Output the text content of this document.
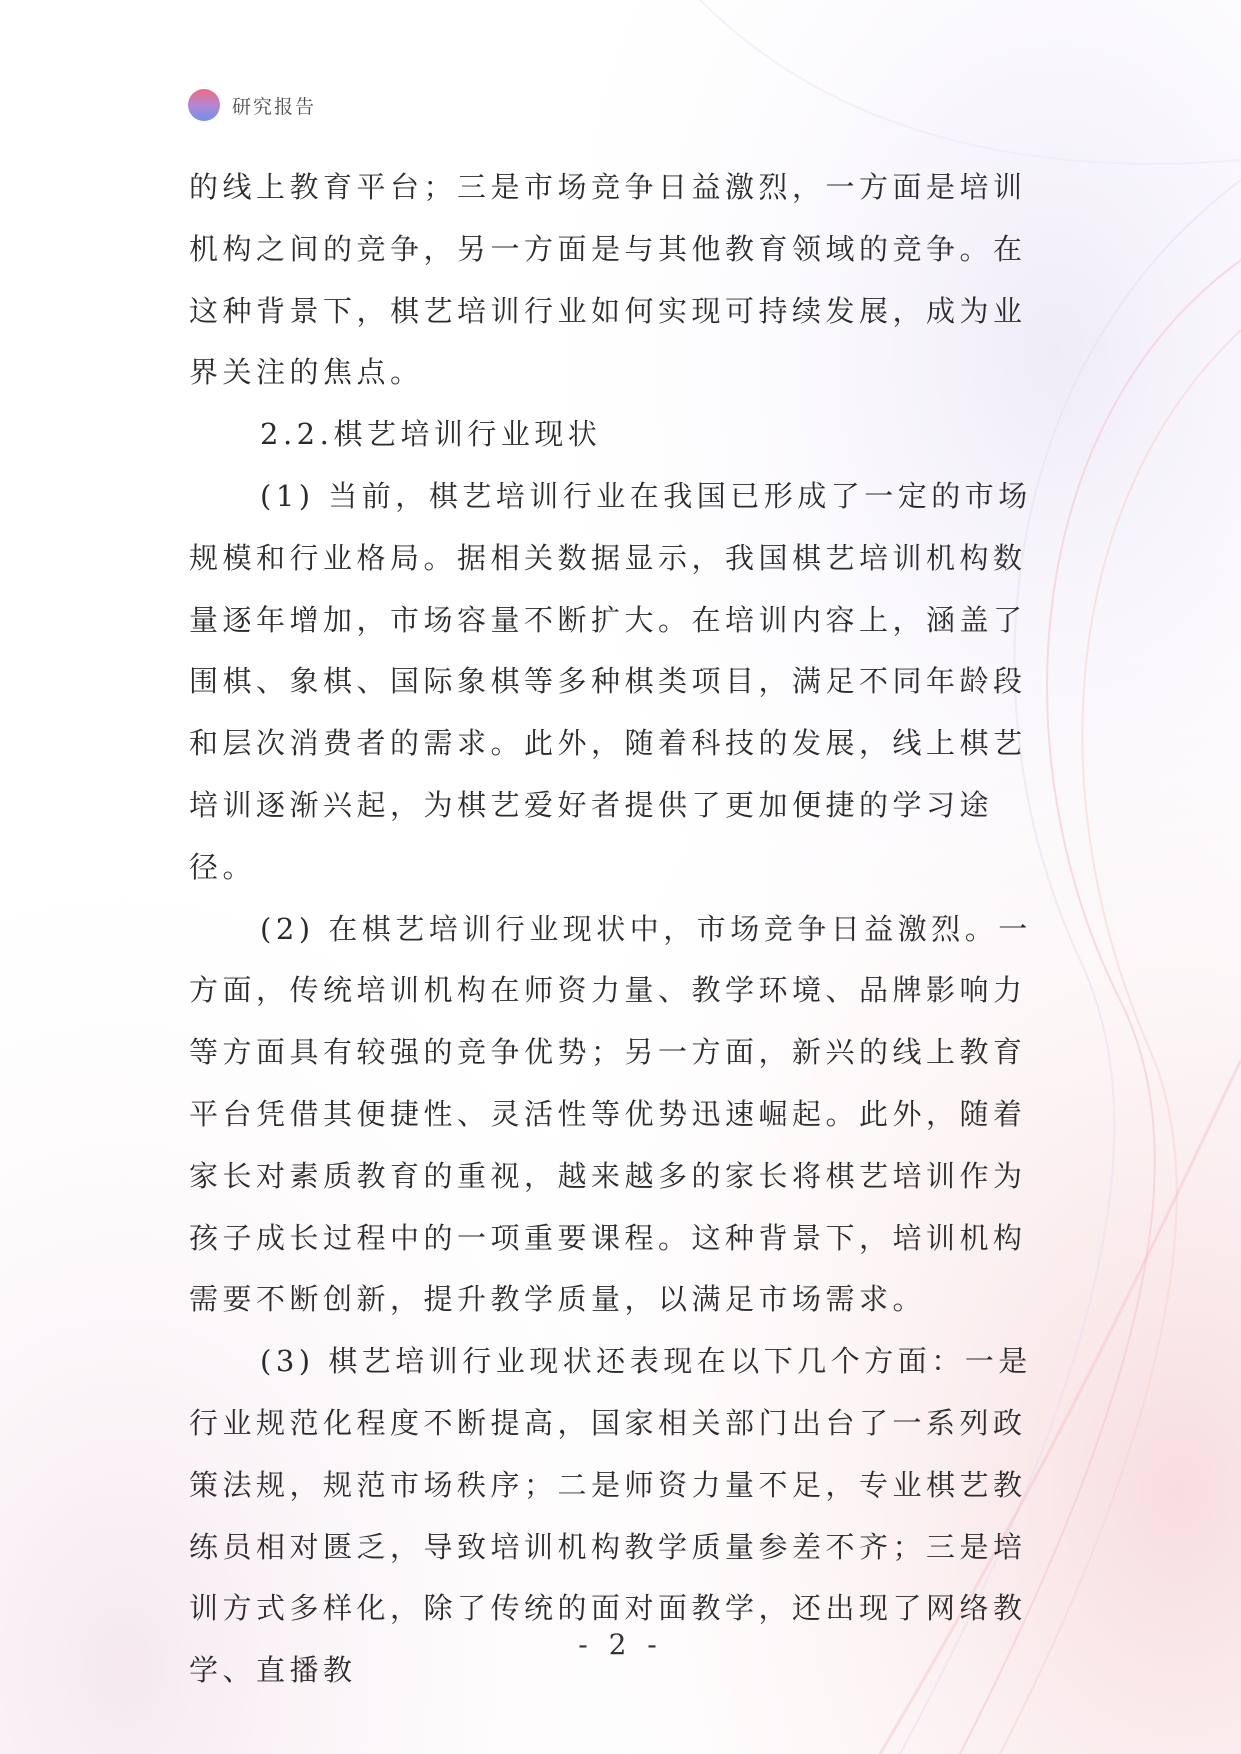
研究报告

的线上教育平台；三是市场竞争日益激烈，一方面是培训机构之间的竞争，另一方面是与其他教育领域的竞争。在这种背景下，棋艺培训行业如何实现可持续发展，成为业界关注的焦点。

2.2.棋艺培训行业现状

(1) 当前，棋艺培训行业在我国已形成了一定的市场规模和行业格局。据相关数据显示，我国棋艺培训机构数量逐年增加，市场容量不断扩大。在培训内容上，涵盖了围棋、象棋、国际象棋等多种棋类项目，满足不同年龄段和层次消费者的需求。此外，随着科技的发展，线上棋艺培训逐渐兴起，为棋艺爱好者提供了更加便捷的学习途径。

(2) 在棋艺培训行业现状中，市场竞争日益激烈。一方面，传统培训机构在师资力量、教学环境、品牌影响力等方面具有较强的竞争优势；另一方面，新兴的线上教育平台凭借其便捷性、灵活性等优势迅速崛起。此外，随着家长对素质教育的重视，越来越多的家长将棋艺培训作为孩子成长过程中的一项重要课程。这种背景下，培训机构需要不断创新，提升教学质量，以满足市场需求。

(3) 棋艺培训行业现状还表现在以下几个方面：一是行业规范化程度不断提高，国家相关部门出台了一系列政策法规，规范市场秩序；二是师资力量不足，专业棋艺教练员相对匮乏，导致培训机构教学质量参差不齐；三是培训方式多样化，除了传统的面对面教学，还出现了网络教学、直播教

- 2 -
